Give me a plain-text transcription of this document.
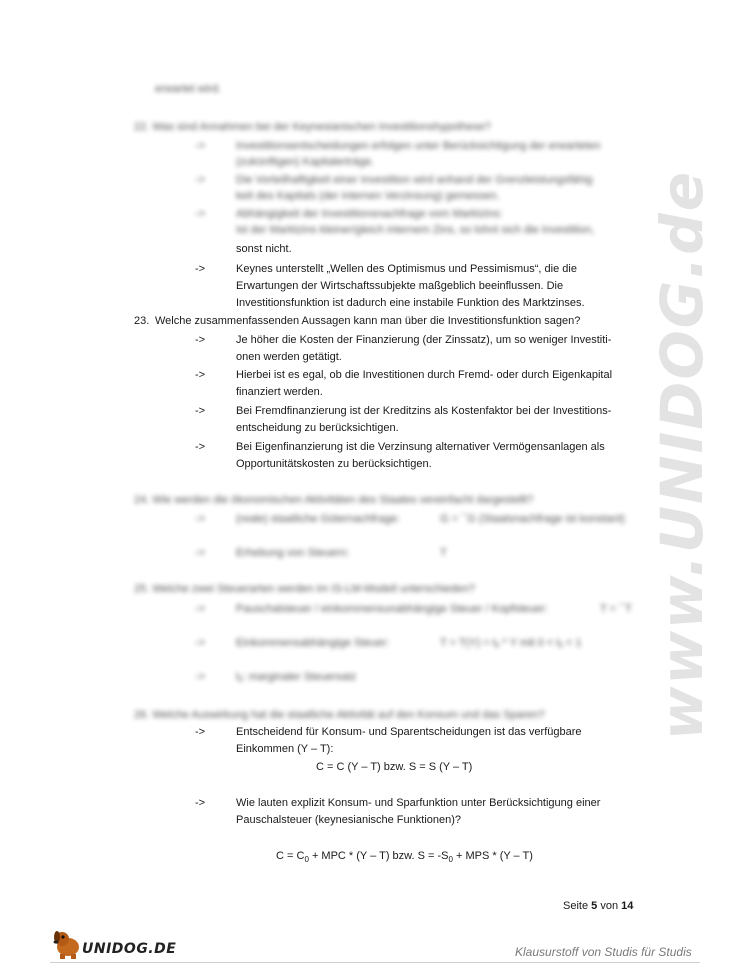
www.UNIDOG.de
erwartet wird.
22. Was sind Annahmen bei der Keynesianischen Investitionshypothese?
->	Investitionsentscheidungen erfolgen unter Berücksichtigung der erwarteten
(zukünftigen) Kapitalerträge.
->	Die Vorteilhaftigkeit einer Investition wird anhand der Grenzleistungsfähig
keit des Kapitals (der internen Verzinsung) gemessen.
->	Abhängigkeit der Investitionsnachfrage vom Marktzins:
Ist der Marktzins kleiner/gleich internem Zins, so lohnt sich die Investition,
sonst nicht.
->	Keynes unterstellt „Wellen des Optimismus und Pessimismus“, die die
Erwartungen der Wirtschaftssubjekte maßgeblich beeinflussen. Die
Investitionsfunktion ist dadurch eine instabile Funktion des Marktzinses.
23. Welche zusammenfassenden Aussagen kann man über die Investitionsfunktion sagen?
->	Je höher die Kosten der Finanzierung (der Zinssatz), um so weniger Investiti-
onen werden getätigt.
->	Hierbei ist es egal, ob die Investitionen durch Fremd- oder durch Eigenkapital
finanziert werden.
->	Bei Fremdfinanzierung ist der Kreditzins als Kostenfaktor bei der Investitions-
entscheidung zu berücksichtigen.
->	Bei Eigenfinanzierung ist die Verzinsung alternativer Vermögensanlagen als
Opportunitätskosten zu berücksichtigen.
24. Wie werden die ökonomischen Aktivitäten des Staates vereinfacht dargestellt?
->	(reale) staatliche Güternachfrage:	G = ¯G (Staatsnachfrage ist konstant)
->	Erhebung von Steuern:	T
25. Welche zwei Steuerarten werden im IS-LM-Modell unterschieden?
->	Pauschalsteuer / einkommensunabhängige Steuer / Kopfsteuer:	T = ¯T
->	Einkommensabhängige Steuer:	T = T(Y) = tᵧ * Y mit 0 < tᵧ < 1
->	tᵧ: marginaler Steuersatz
26. Welche Auswirkung hat die staatliche Aktivität auf den Konsum und das Sparen?
->	Entscheidend für Konsum- und Sparentscheidungen ist das verfügbare
Einkommen (Y – T):
C = C (Y – T) bzw. S = S (Y – T)
->	Wie lauten explizit Konsum- und Sparfunktion unter Berücksichtigung einer
Pauschalsteuer (keynesianische Funktionen)?
$C = C_0$ + MPC * (Y – T) bzw. $S = -S_0$ + MPS * (Y – T)
Seite 5 von 14
UNIDOG.DE	Klausurstoff von Studis für Studis
